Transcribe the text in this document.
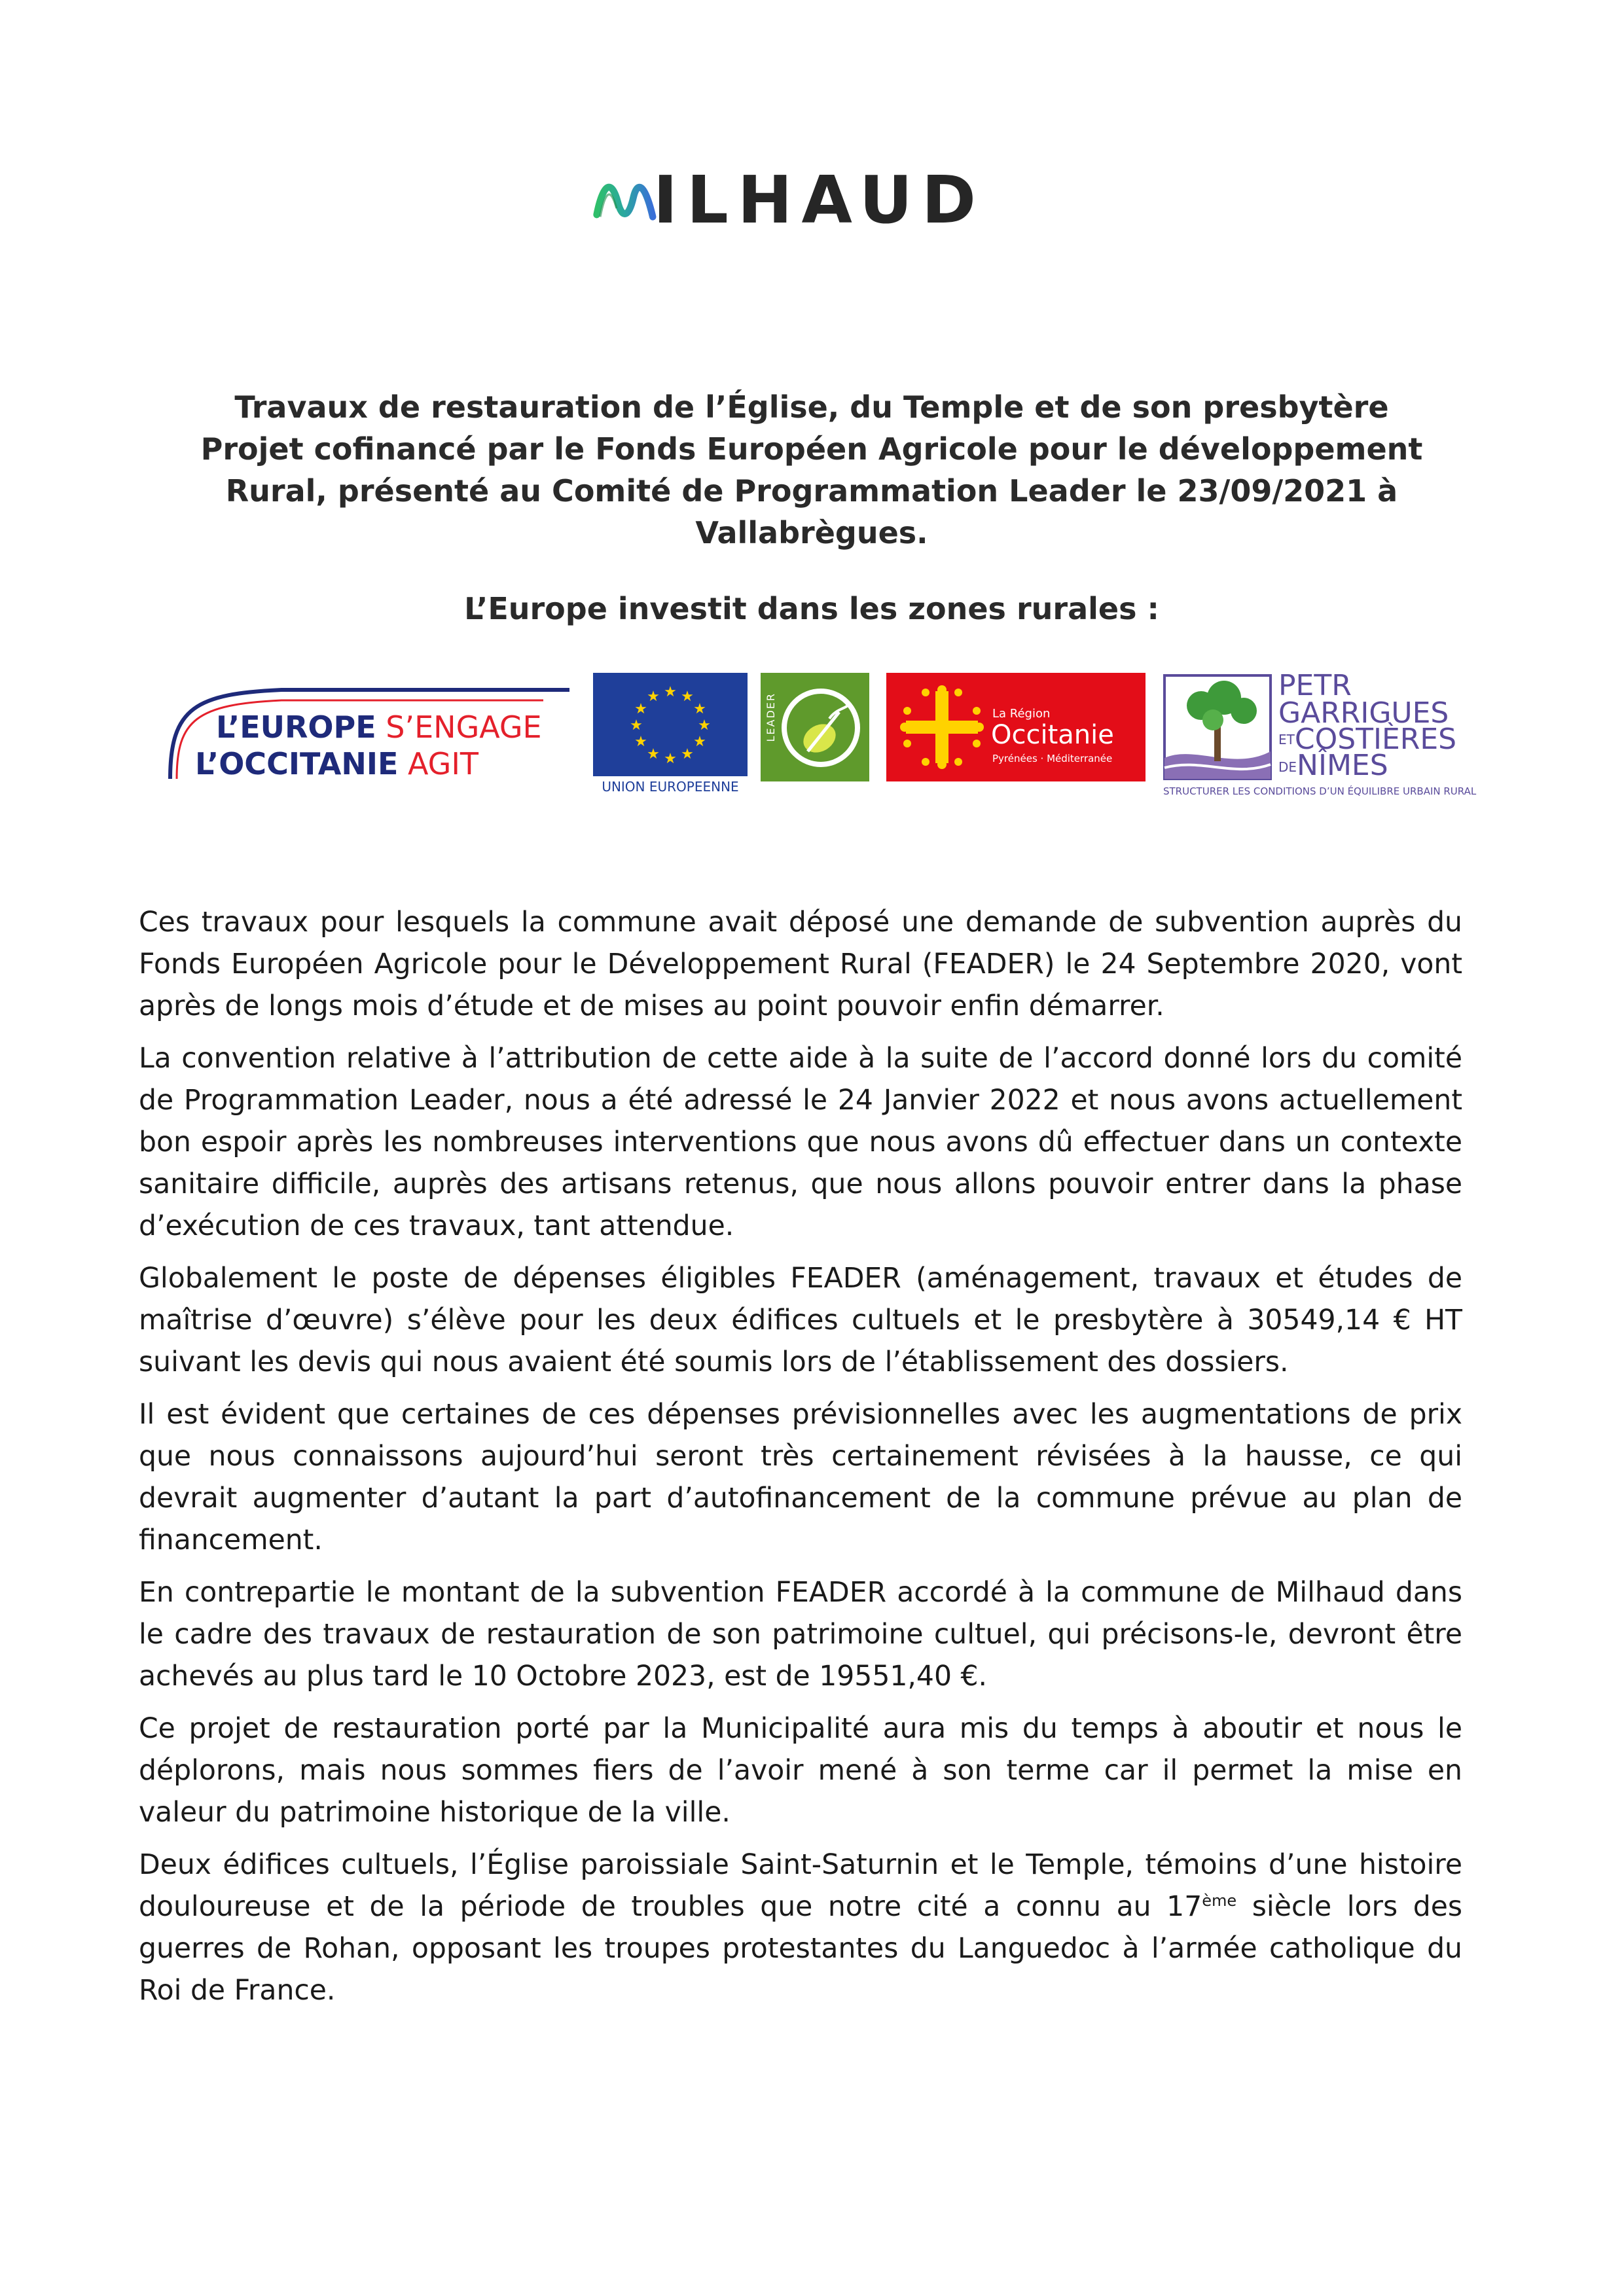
ILHAUD
Travaux de restauration de l’Église, du Temple et de son presbytère
Projet cofinancé par le Fonds Européen Agricole pour le développement
Rural, présenté au Comité de Programmation Leader le 23/09/2021 à
Vallabrègues.
L’Europe investit dans les zones rurales :
L’EUROPE S’ENGAGE
L’OCCITANIE AGIT
★ ★
★
★
★
★
★
★
★
★
★
★
UNION EUROPEENNE
LEADER	La Région
Occitanie
Pyrénées · Méditerranée
PETR
GARRIGUES
$^{ET}$COSTIÈRES
DENÎMES
STRUCTURER LES CONDITIONS D’UN ÉQUILIBRE URBAIN RURAL

Ces travaux pour lesquels la commune avait déposé une demande de subvention auprès du Fonds Européen Agricole pour le Développement Rural (FEADER) le 24 Septembre 2020, vont après de longs mois d’étude et de mises au point pouvoir enfin démarrer.

La convention relative à l’attribution de cette aide à la suite de l’accord donné lors du comité de Programmation Leader, nous a été adressé le 24 Janvier 2022 et nous avons actuellement bon espoir après les nombreuses interventions que nous avons dû effectuer dans un contexte sanitaire difficile, auprès des artisans retenus, que nous allons pouvoir entrer dans la phase d’exécution de ces travaux, tant attendue.

Globalement le poste de dépenses éligibles FEADER (aménagement, travaux et études de maîtrise d’œuvre) s’élève pour les deux édifices cultuels et le presbytère à 30549,14 € HT suivant les devis qui nous avaient été soumis lors de l’établissement des dossiers.

Il est évident que certaines de ces dépenses prévisionnelles avec les augmentations de prix que nous connaissons aujourd’hui seront très certainement révisées à la hausse, ce qui devrait augmenter d’autant la part d’autofinancement de la commune prévue au plan de financement.

En contrepartie le montant de la subvention FEADER accordé à la commune de Milhaud dans le cadre des travaux de restauration de son patrimoine cultuel, qui précisons-le, devront être achevés au plus tard le 10 Octobre 2023, est de 19551,40 €.

Ce projet de restauration porté par la Municipalité aura mis du temps à aboutir et nous le déplorons, mais nous sommes fiers de l’avoir mené à son terme car il permet la mise en valeur du patrimoine historique de la ville.

Deux édifices cultuels, l’Église paroissiale Saint-Saturnin et le Temple, témoins d’une histoire douloureuse et de la période de troubles que notre cité a connu au 17ème siècle lors des guerres de Rohan, opposant les troupes protestantes du Languedoc à l’armée catholique du Roi de France.
